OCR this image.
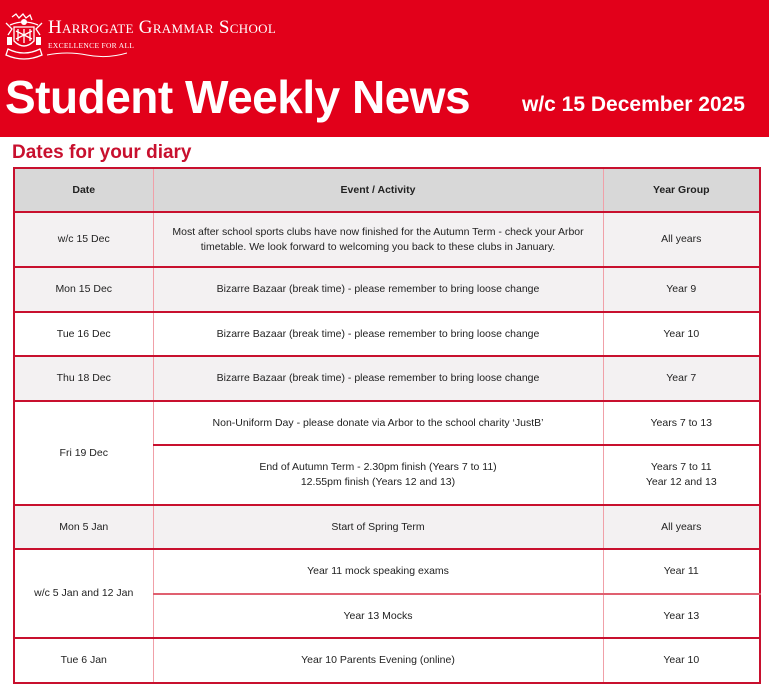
Harrogate Grammar School
EXCELLENCE FOR ALL
Student Weekly News w/c 15 December 2025
Dates for your diary
Date	Event / Activity	Year Group
w/c 15 Dec	Most after school sports clubs have now finished for the Autumn Term - check your Arbor
timetable. We look forward to welcoming you back to these clubs in January.	All years
Mon 15 Dec	Bizarre Bazaar (break time) - please remember to bring loose change	Year 9
Tue 16 Dec	Bizarre Bazaar (break time) - please remember to bring loose change	Year 10
Thu 18 Dec	Bizarre Bazaar (break time) - please remember to bring loose change	Year 7
Fri 19 Dec	Non-Uniform Day - please donate via Arbor to the school charity ‘JustB’	Years 7 to 13

	End of Autumn Term - 2.30pm finish (Years 7 to 11)
12.55pm finish (Years 12 and 13)	Years 7 to 11
Year 12 and 13

Mon 5 Jan	Start of Spring Term	All years
w/c 5 Jan and 12 Jan	Year 11 mock speaking exams	Year 11
	Year 13 Mocks	Year 13
Tue 6 Jan	Year 10 Parents Evening (online)	Year 10
